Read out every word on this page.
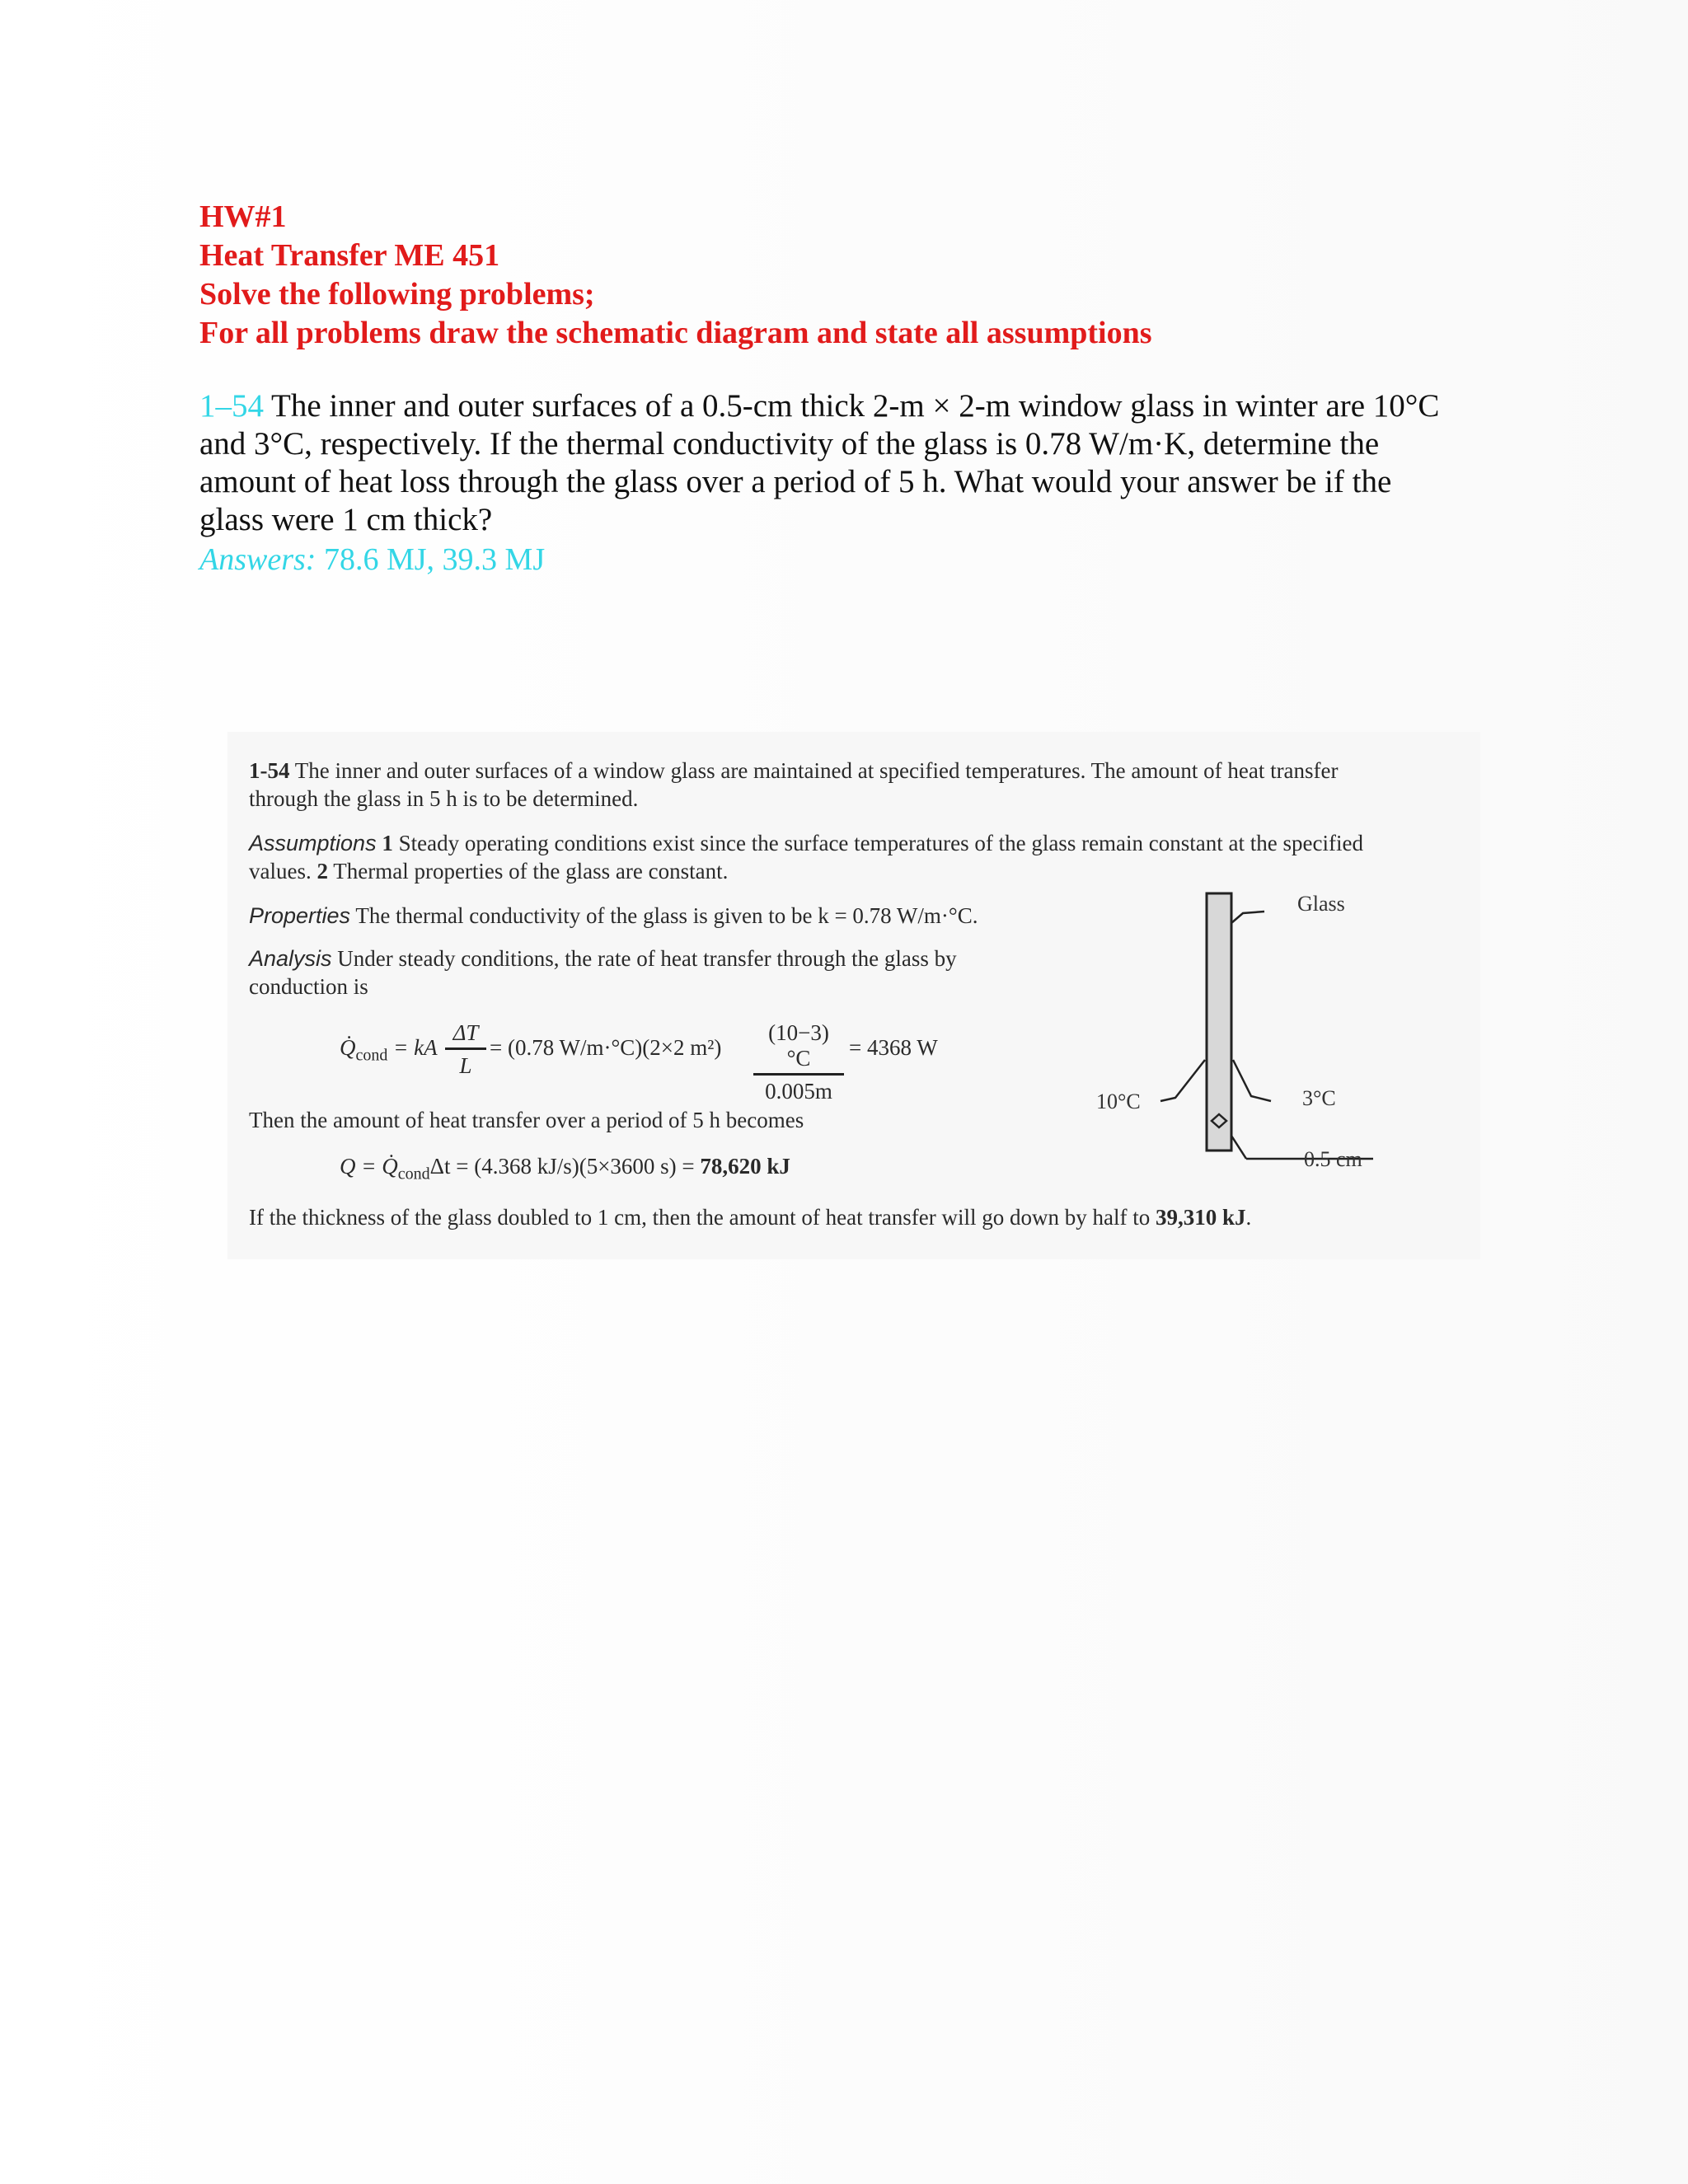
HW#1
Heat Transfer ME 451
Solve the following problems;
For all problems draw the schematic diagram and state all assumptions
1–54 The inner and outer surfaces of a 0.5-cm thick 2-m × 2-m window glass in winter are 10°C
and 3°C, respectively. If the thermal conductivity of the glass is 0.78 W/m·K, determine the
amount of heat loss through the glass over a period of 5 h. What would your answer be if the
glass were 1 cm thick?
Answers: 78.6 MJ, 39.3 MJ
1-54 The inner and outer surfaces of a window glass are maintained at specified temperatures. The amount of heat transfer
through the glass in 5 h is to be determined.
Assumptions 1 Steady operating conditions exist since the surface temperatures of the glass remain constant at the specified
values. 2 Thermal properties of the glass are constant.
Properties The thermal conductivity of the glass is given to be k = 0.78 W/m·°C.
Analysis Under steady conditions, the rate of heat transfer through the glass by
conduction is
$Q̇_{cond}$ = kA $\frac{\Delta T}{L} = (0.78$ W/m·°C)(2×2 $m^2) \frac{(10-3)^\circ C}{0.005m} = 4368$ W
Then the amount of heat transfer over a period of 5 h becomes
$Q = Q̇_{cond}\Delta t = (4.368$ kJ/s)(5×3600 s) = 78,620 kJ
If the thickness of the glass doubled to 1 cm, then the amount of heat transfer will go down by half to 39,310 kJ.
Glass
10°C	3°C
0.5 cm
